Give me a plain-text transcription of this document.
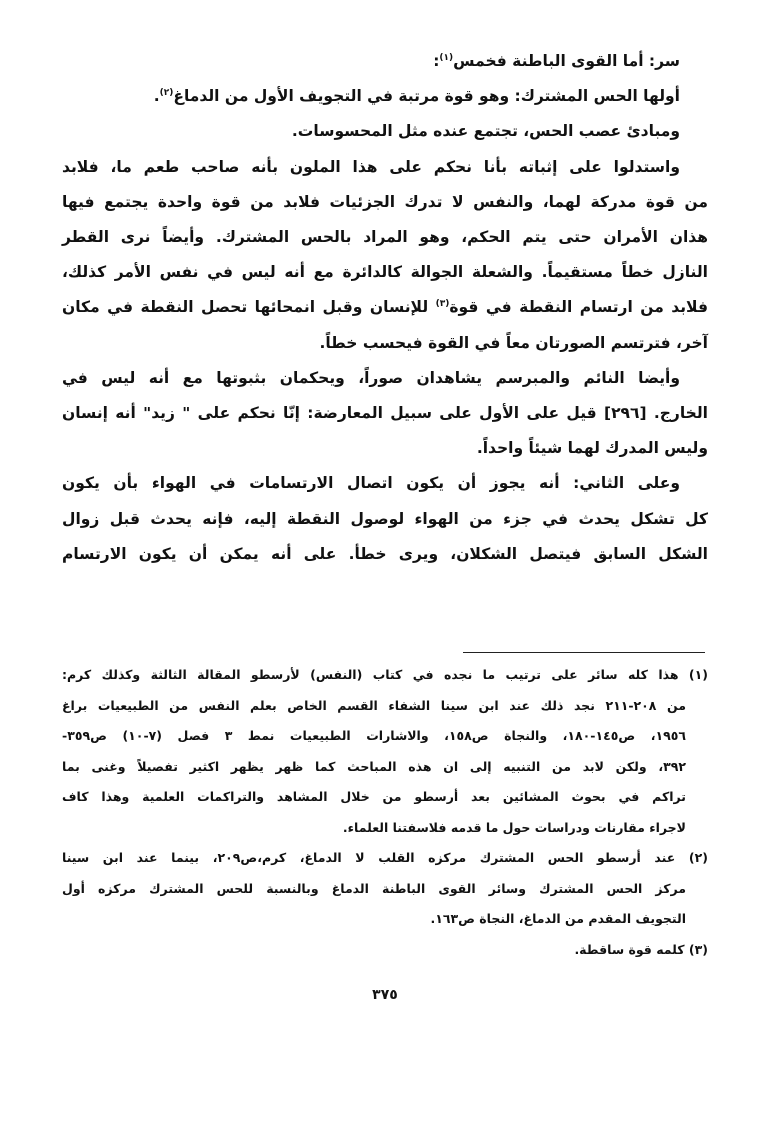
سر: أما القوى الباطنة فخمس$^{(١)}$:

أولها الحس المشترك: وهو قوة مرتبة في التجويف الأول من الدماغ$^{(٢)}$.

ومبادئ عصب الحس، تجتمع عنده مثل المحسوسات.

واستدلوا على إثباته بأنا نحكم على هذا الملون بأنه صاحب طعم ما، فلابد

من قوة مدركة لهما، والنفس لا تدرك الجزئيات فلابد من قوة واحدة يجتمع فيها

هذان الأمران حتى يتم الحكم، وهو المراد بالحس المشترك. وأيضاً نرى القطر

النازل خطاً مستقيماً. والشعلة الجوالة كالدائرة مع أنه ليس في نفس الأمر كذلك،

فلابد من ارتسام النقطة في قوة$^{(٣)}$ للإنسان وقبل انمحائها تحصل النقطة في مكان

آخر، فترتسم الصورتان معاً في القوة فيحسب خطاً.

وأيضا النائم والمبرسم يشاهدان صوراً، ويحكمان بثبوتها مع أنه ليس في

الخارج. [٢٩٦] قيل على الأول على سبيل المعارضة: إنّا نحكم على " زيد" أنه إنسان

وليس المدرك لهما شيئاً واحداً.

وعلى الثاني: أنه يجوز أن يكون اتصال الارتسامات في الهواء بأن يكون

كل تشكل يحدث في جزء من الهواء لوصول النقطة إليه، فإنه يحدث قبل زوال

الشكل السابق فيتصل الشكلان، ويرى خطأ. على أنه يمكن أن يكون الارتسام

(١) هذا كله سائر على ترتيب ما نجده في كتاب (النفس) لأرسطو المقالة الثالثة وكذلك كرم:

من ٢٠٨-٢١١ نجد ذلك عند ابن سينا الشفاء القسم الخاص بعلم النفس من الطبيعيات براغ

١٩٥٦، ص١٤٥-١٨٠، والنجاة ص١٥٨، والاشارات الطبيعيات نمط ٣ فصل (٧-١٠) ص٣٥٩-

٣٩٢، ولكن لابد من التنبيه إلى ان هذه المباحث كما ظهر يظهر اكثير تفصيلاً وغنى بما

تراكم في بحوث المشائين بعد أرسطو من خلال المشاهد والتراكمات العلمية وهذا كاف

لاجراء مقارنات ودراسات حول ما قدمه فلاسفتنا العلماء.

(٢) عند أرسطو الحس المشترك مركزه القلب لا الدماغ، كرم،ص٢٠٩، بينما عند ابن سينا

مركز الحس المشترك وسائر القوى الباطنة الدماغ وبالنسبة للحس المشترك مركزه أول

التجويف المقدم من الدماغ، النجاة ص١٦٣.

(٣) كلمه قوة ساقطة.

٣٧٥
